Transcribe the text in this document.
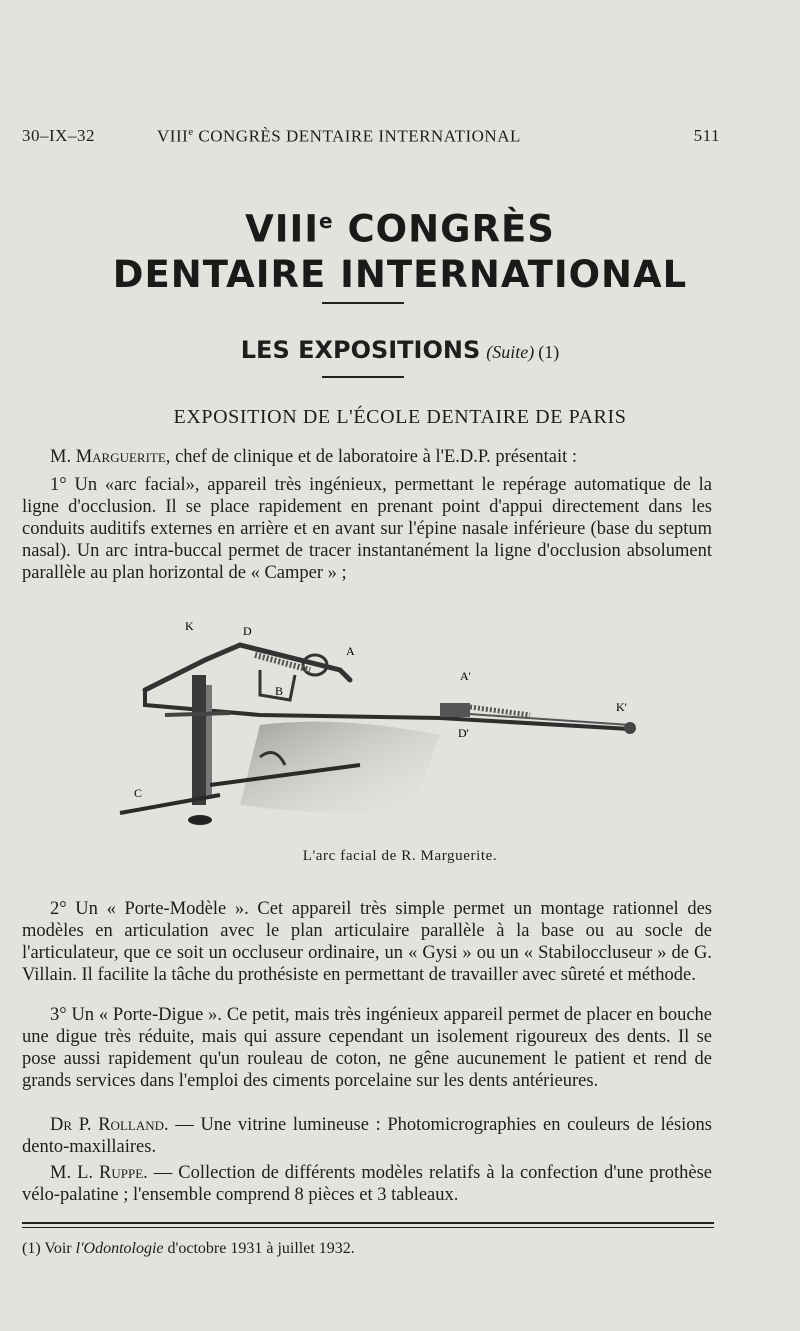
30–IX–32	VIIIe CONGRÈS DENTAIRE INTERNATIONAL	511
VIIIe CONGRÈS
DENTAIRE INTERNATIONAL
LES EXPOSITIONS (Suite) (1)
EXPOSITION DE L'ÉCOLE DENTAIRE DE PARIS

M. Marguerite, chef de clinique et de laboratoire à l'E.D.P. présentait :

1° Un «arc facial», appareil très ingénieux, permettant le repérage automatique de la ligne d'occlusion. Il se place rapidement en prenant point d'appui directement dans les conduits auditifs externes en arrière et en avant sur l'épine nasale inférieure (base du septum nasal). Un arc intra-buccal permet de tracer instantanément la ligne d'occlusion absolument parallèle au plan horizontal de « Camper » ;

K	D
A
B
A'
K'
D'
C
L'arc facial de R. Marguerite.

2° Un « Porte-Modèle ». Cet appareil très simple permet un montage rationnel des modèles en articulation avec le plan articulaire parallèle à la base ou au socle de l'articulateur, que ce soit un occluseur ordinaire, un « Gysi » ou un « Stabiloccluseur » de G. Villain. Il facilite la tâche du prothésiste en permettant de travailler avec sûreté et méthode.

3° Un « Porte-Digue ». Ce petit, mais très ingénieux appareil permet de placer en bouche une digue très réduite, mais qui assure cependant un isolement rigoureux des dents. Il se pose aussi rapidement qu'un rouleau de coton, ne gêne aucunement le patient et rend de grands services dans l'emploi des ciments porcelaine sur les dents antérieures.

Dr P. Rolland. — Une vitrine lumineuse : Photomicrographies en couleurs de lésions dento-maxillaires.

M. L. Ruppe. — Collection de différents modèles relatifs à la confection d'une prothèse vélo-palatine ; l'ensemble comprend 8 pièces et 3 tableaux.

(1) Voir l'Odontologie d'octobre 1931 à juillet 1932.
